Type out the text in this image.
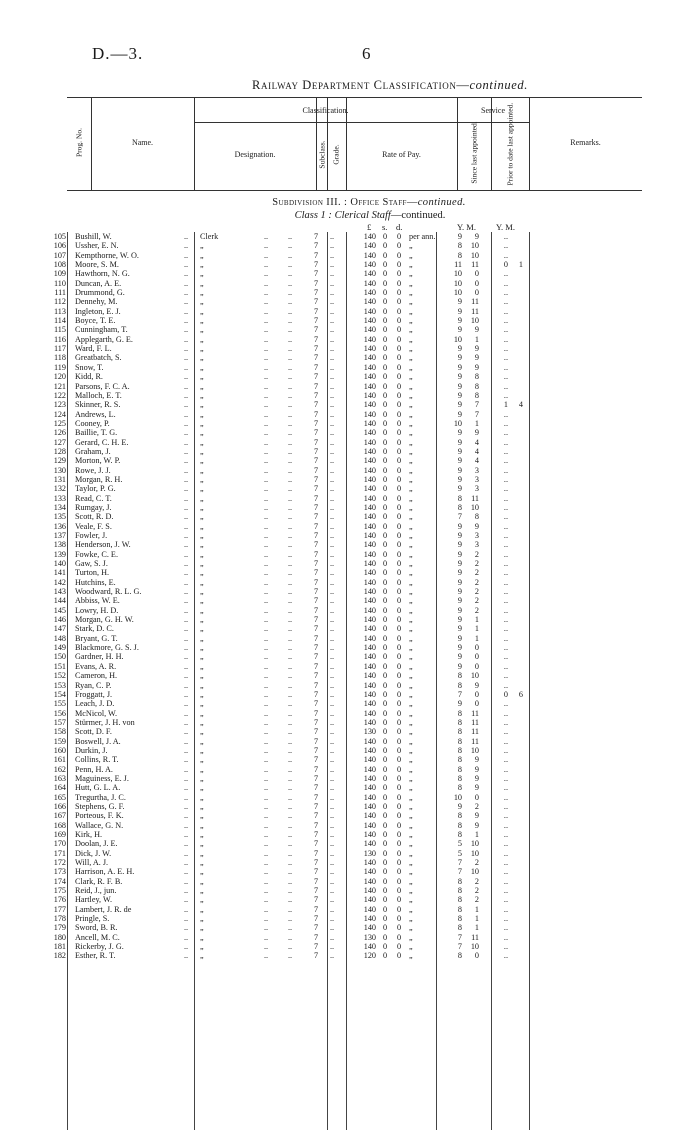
D.—3.	6
Railway Department Classification—continued.
Prog. No.	Name.
Classification.
Designation.	Subclass. Grade.	Rate of Pay.
Service
Since last appointed.	Prior to date last appointed.	Remarks.
Subdivision III. : Office Staff—continued.
Class 1 : Clerical Staff—continued.
£ s. d.	Y. M. Y. M.
105 Bushill, W.	.. Clerk	.. ..	7	..	140 0	0 per ann.	9	9	..
106 Ussher, E. N.	.. „	.. ..	7	..	140 0	0 „	8	10	..
107 Kempthorne, W. O.	.. „	.. ..	7	..	140 0	0 „	8	10	..
108 Moore, S. M.	.. „	.. ..	7	..	140 0	0 „	11	11	0	1
109 Hawthorn, N. G.	.. „	.. ..	7	..	140 0	0 „	10	0	..
110 Duncan, A. E.	.. „	.. ..	7	..	140 0	0 „	10	0	..
111 Drummond, G.	.. „	.. ..	7	..	140 0	0 „	10	0	..
112 Dennehy, M.	.. „	.. ..	7	..	140 0	0 „	9	11	..
113 Ingleton, E. J.	.. „	.. ..	7	..	140 0	0 „	9	11	..
114 Boyce, T. E.	.. „	.. ..	7	..	140 0	0 „	9	10	..
115 Cunningham, T.	.. „	.. ..	7	..	140 0	0 „	9	9	..
116 Applegarth, G. E.	.. „	.. ..	7	..	140 0	0 „	10	1	..
117 Ward, F. L.	.. „	.. ..	7	..	140 0	0 „	9	9	..
118 Greatbatch, S.	.. „	.. ..	7	..	140 0	0 „	9	9	..
119 Snow, T.	.. „	.. ..	7	..	140 0	0 „	9	9	..
120 Kidd, R.	.. „	.. ..	7	..	140 0	0 „	9	8	..
121 Parsons, F. C. A.	.. „	.. ..	7	..	140 0	0 „	9	8	..
122 Malloch, E. T.	.. „	.. ..	7	..	140 0	0 „	9	8	..
123 Skinner, R. S.	.. „	.. ..	7	..	140 0	0 „	9	7	1	4
124 Andrews, L.	.. „	.. ..	7	..	140 0	0 „	9	7	..
125 Cooney, P.	.. „	.. ..	7	..	140 0	0 „	10	1	..
126 Baillie, T. G.	.. „	.. ..	7	..	140 0	0 „	9	9	..
127 Gerard, C. H. E.	.. „	.. ..	7	..	140 0	0 „	9	4	..
128 Graham, J.	.. „	.. ..	7	..	140 0	0 „	9	4	..
129 Morton, W. P.	.. „	.. ..	7	..	140 0	0 „	9	4	..
130 Rowe, J. J.	.. „	.. ..	7	..	140 0	0 „	9	3	..
131 Morgan, R. H.	.. „	.. ..	7	..	140 0	0 „	9	3	..
132 Taylor, P. G.	.. „	.. ..	7	..	140 0	0 „	9	3	..
133 Read, C. T.	.. „	.. ..	7	..	140 0	0 „	8	11	..
134 Rumgay, J.	.. „	.. ..	7	..	140 0	0 „	8	10	..
135 Scott, R. D.	.. „	.. ..	7	..	140 0	0 „	7	8	..
136 Veale, F. S.	.. „	.. ..	7	..	140 0	0 „	9	9	..
137 Fowler, J.	.. „	.. ..	7	..	140 0	0 „	9	3	..
138 Henderson, J. W.	.. „	.. ..	7	..	140 0	0 „	9	3	..
139 Fowke, C. E.	.. „	.. ..	7	..	140 0	0 „	9	2	..
140 Gaw, S. J.	.. „	.. ..	7	..	140 0	0 „	9	2	..
141 Turton, H.	.. „	.. ..	7	..	140 0	0 „	9	2	..
142 Hutchins, E.	.. „	.. ..	7	..	140 0	0 „	9	2	..
143 Woodward, R. L. G.	.. „	.. ..	7	..	140 0	0 „	9	2	..
144 Abbiss, W. E.	.. „	.. ..	7	..	140 0	0 „	9	2	..
145 Lowry, H. D.	.. „	.. ..	7	..	140 0	0 „	9	2	..
146 Morgan, G. H. W.	.. „	.. ..	7	..	140 0	0 „	9	1	..
147 Stark, D. C.	.. „	.. ..	7	..	140 0	0 „	9	1	..
148 Bryant, G. T.	.. „	.. ..	7	..	140 0	0 „	9	1	..
149 Blackmore, G. S. J.	.. „	.. ..	7	..	140 0	0 „	9	0	..
150 Gardner, H. H.	.. „	.. ..	7	..	140 0	0 „	9	0	..
151 Evans, A. R.	.. „	.. ..	7	..	140 0	0 „	9	0	..
152 Cameron, H.	.. „	.. ..	7	..	140 0	0 „	8	10	..
153 Ryan, C. P.	.. „	.. ..	7	..	140 0	0 „	8	9	..
154 Froggatt, J.	.. „	.. ..	7	..	140 0	0 „	7	0	0	6
155 Leach, J. D.	.. „	.. ..	7	..	140 0	0 „	9	0	..
156 McNicol, W.	.. „	.. ..	7	..	140 0	0 „	8	11	..
157 Stürmer, J. H. von	.. „	.. ..	7	..	140 0	0 „	8	11	..
158 Scott, D. F.	.. „	.. ..	7	..	130 0	0 „	8	11	..
159 Boswell, J. A.	.. „	.. ..	7	..	140 0	0 „	8	11	..
160 Durkin, J.	.. „	.. ..	7	..	140 0	0 „	8	10	..
161 Collins, R. T.	.. „	.. ..	7	..	140 0	0 „	8	9	..
162 Penn, H. A.	.. „	.. ..	7	..	140 0	0 „	8	9	..
163 Maguiness, E. J.	.. „	.. ..	7	..	140 0	0 „	8	9	..
164 Hutt, G. L. A.	.. „	.. ..	7	..	140 0	0 „	8	9	..
165 Tregurtha, J. C.	.. „	.. ..	7	..	140 0	0 „	10	0	..
166 Stephens, G. F.	.. „	.. ..	7	..	140 0	0 „	9	2	..
167 Porteous, F. K.	.. „	.. ..	7	..	140 0	0 „	8	9	..
168 Wallace, G. N.	.. „	.. ..	7	..	140 0	0 „	8	9	..
169 Kirk, H.	.. „	.. ..	7	..	140 0	0 „	8	1	..
170 Doolan, J. E.	.. „	.. ..	7	..	140 0	0 „	5	10	..
171 Dick, J. W.	.. „	.. ..	7	..	130 0	0 „	5	10	..
172 Will, A. J.	.. „	.. ..	7	..	140 0	0 „	7	2	..
173 Harrison, A. E. H.	.. „	.. ..	7	..	140 0	0 „	7	10	..
174 Clark, R. F. B.	.. „	.. ..	7	..	140 0	0 „	8	2	..
175 Reid, J., jun.	.. „	.. ..	7	..	140 0	0 „	8	2	..
176 Hartley, W.	.. „	.. ..	7	..	140 0	0 „	8	2	..
177 Lambert, J. R. de	.. „	.. ..	7	..	140 0	0 „	8	1	..
178 Pringle, S.	.. „	.. ..	7	..	140 0	0 „	8	1	..
179 Sword, B. R.	.. „	.. ..	7	..	140 0	0 „	8	1	..
180 Ancell, M. C.	.. „	.. ..	7	..	130 0	0 „	7	11	..
181 Rickerby, J. G.	.. „	.. ..	7	..	140 0	0 „	7	10	..
182 Esther, R. T.	.. „	.. ..	7	..	120 0	0 „	8	0	..
